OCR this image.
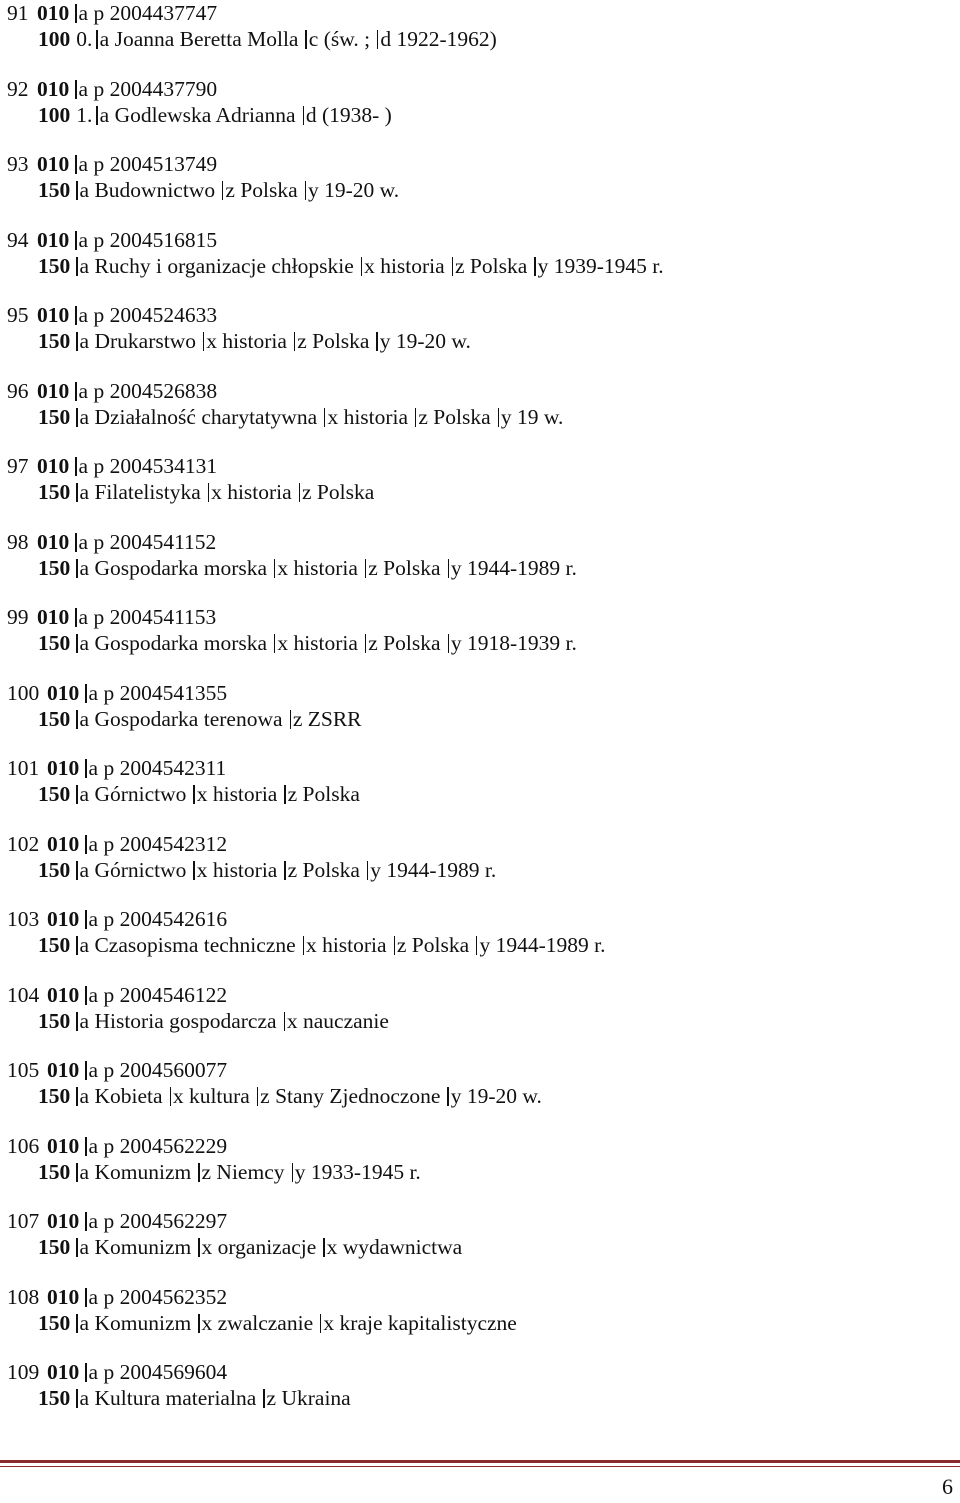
91 010 a p 2004437747
100 0. a Joanna Beretta Molla c (św. ; d 1922-1962)
92 010 a p 2004437790
100 1. a Godlewska Adrianna d (1938- )
93 010 a p 2004513749
150 a Budownictwo z Polska y 19-20 w.
94 010 a p 2004516815
150 a Ruchy i organizacje chłopskie x historia z Polska y 1939-1945 r.
95 010 a p 2004524633
150 a Drukarstwo x historia z Polska y 19-20 w.
96 010 a p 2004526838
150 a Działalność charytatywna x historia z Polska y 19 w.
97 010 a p 2004534131
150 a Filatelistyka x historia z Polska
98 010 a p 2004541152
150 a Gospodarka morska x historia z Polska y 1944-1989 r.
99 010 a p 2004541153
150 a Gospodarka morska x historia z Polska y 1918-1939 r.
100 010 a p 2004541355
150 a Gospodarka terenowa z ZSRR
101 010 a p 2004542311
150 a Górnictwo x historia z Polska
102 010 a p 2004542312
150 a Górnictwo x historia z Polska y 1944-1989 r.
103 010 a p 2004542616
150 a Czasopisma techniczne x historia z Polska y 1944-1989 r.
104 010 a p 2004546122
150 a Historia gospodarcza x nauczanie
105 010 a p 2004560077
150 a Kobieta x kultura z Stany Zjednoczone y 19-20 w.
106 010 a p 2004562229
150 a Komunizm z Niemcy y 1933-1945 r.
107 010 a p 2004562297
150 a Komunizm x organizacje x wydawnictwa
108 010 a p 2004562352
150 a Komunizm x zwalczanie x kraje kapitalistyczne
109 010 a p 2004569604
150 a Kultura materialna z Ukraina
6
